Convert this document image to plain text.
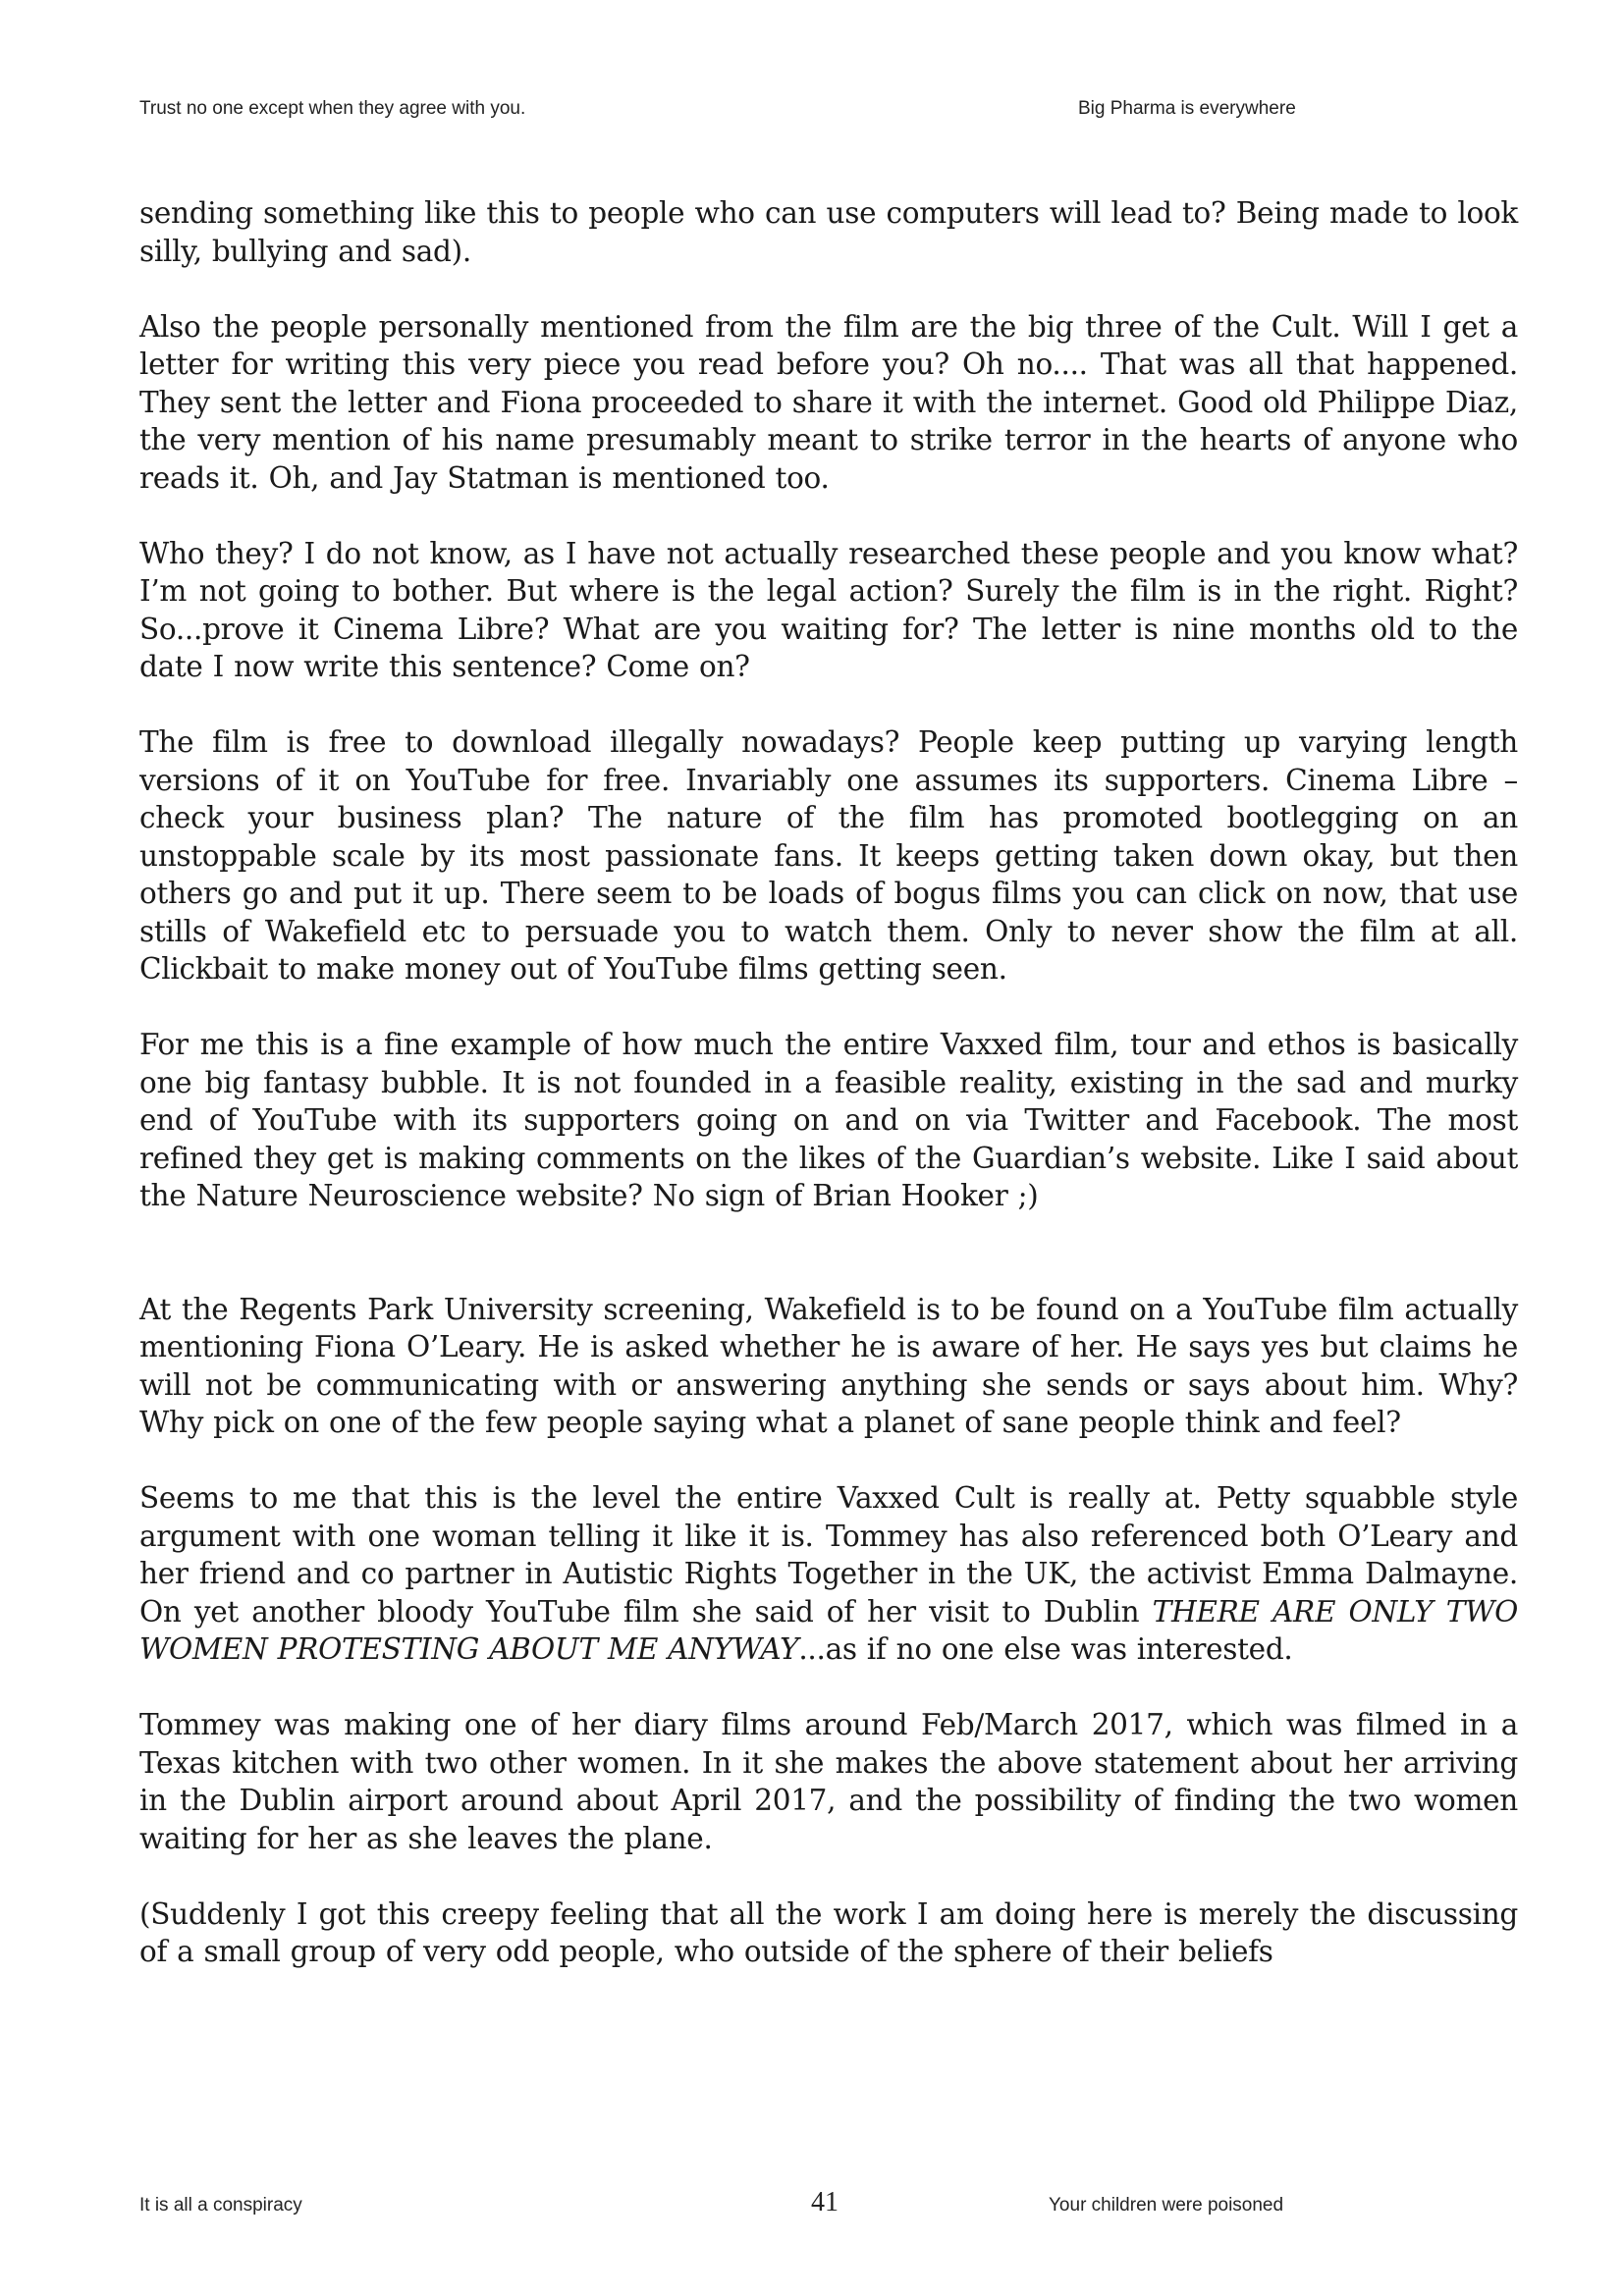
Trust no one except when they agree with you.	Big Pharma is everywhere

sending something like this to people who can use computers will lead to? Being made to look silly, bullying and sad).

Also the people personally mentioned from the film are the big three of the Cult. Will I get a letter for writing this very piece you read before you? Oh no.... That was all that happened. They sent the letter and Fiona proceeded to share it with the internet. Good old Philippe Diaz, the very mention of his name presumably meant to strike terror in the hearts of anyone who reads it. Oh, and Jay Statman is mentioned too.

Who they? I do not know, as I have not actually researched these people and you know what? I’m not going to bother. But where is the legal action? Surely the film is in the right. Right? So...prove it Cinema Libre? What are you waiting for? The letter is nine months old to the date I now write this sentence? Come on?

The film is free to download illegally nowadays? People keep putting up varying length versions of it on YouTube for free. Invariably one assumes its supporters. Cinema Libre – check your business plan? The nature of the film has promoted bootlegging on an unstoppable scale by its most passionate fans. It keeps getting taken down okay, but then others go and put it up. There seem to be loads of bogus films you can click on now, that use stills of Wakefield etc to persuade you to watch them. Only to never show the film at all. Clickbait to make money out of YouTube films getting seen.

For me this is a fine example of how much the entire Vaxxed film, tour and ethos is basically one big fantasy bubble. It is not founded in a feasible reality, existing in the sad and murky end of YouTube with its supporters going on and on via Twitter and Facebook. The most refined they get is making comments on the likes of the Guardian’s website. Like I said about the Nature Neuroscience website? No sign of Brian Hooker ;)

At the Regents Park University screening, Wakefield is to be found on a YouTube film actually mentioning Fiona O’Leary. He is asked whether he is aware of her. He says yes but claims he will not be communicating with or answering anything she sends or says about him. Why? Why pick on one of the few people saying what a planet of sane people think and feel?

Seems to me that this is the level the entire Vaxxed Cult is really at. Petty squabble style argument with one woman telling it like it is. Tommey has also referenced both O’Leary and her friend and co partner in Autistic Rights Together in the UK, the activist Emma Dalmayne. On yet another bloody YouTube film she said of her visit to Dublin THERE ARE ONLY TWO WOMEN PROTESTING ABOUT ME ANYWAY...as if no one else was interested.

Tommey was making one of her diary films around Feb/March 2017, which was filmed in a Texas kitchen with two other women. In it she makes the above statement about her arriving in the Dublin airport around about April 2017, and the possibility of finding the two women waiting for her as she leaves the plane.

(Suddenly I got this creepy feeling that all the work I am doing here is merely the discussing of a small group of very odd people, who outside of the sphere of their beliefs

It is all a conspiracy	41	Your children were poisoned
